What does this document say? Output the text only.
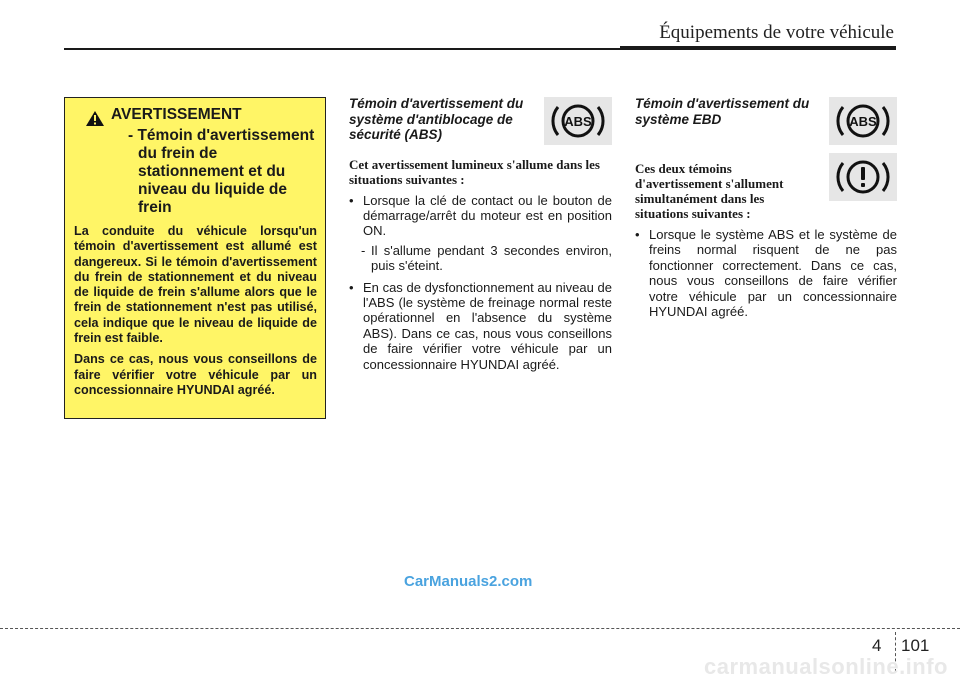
Équipements de votre véhicule
AVERTISSEMENT
- Témoin d'avertissement du frein de stationnement et du niveau du liquide de frein

La conduite du véhicule lorsqu'un témoin d'avertissement est allumé est dangereux. Si le témoin d'avertissement du frein de stationnement et du niveau de liquide de frein s'allume alors que le frein de stationnement n'est pas utilisé, cela indique que le niveau de liquide de frein est faible.

Dans ce cas, nous vous conseillons de faire vérifier votre véhicule par un concessionnaire HYUNDAI agréé.

Témoin d'avertissement du système d'antiblocage de sécurité (ABS)
Cet avertissement lumineux s'allume dans les situations suivantes :
• Lorsque la clé de contact ou le bouton de démarrage/arrêt du moteur est en position ON.
- Il s'allume pendant 3 secondes environ, puis s'éteint.
• En cas de dysfonctionnement au niveau de l'ABS (le système de freinage normal reste opérationnel en l'absence du système ABS). Dans ce cas, nous vous conseillons de faire vérifier votre véhicule par un concessionnaire HYUNDAI agréé.
Témoin d'avertissement du système EBD
Ces deux témoins d'avertissement s'allument simultanément dans les situations suivantes :
• Lorsque le système ABS et le système de freins normal risquent de ne pas fonctionner correctement. Dans ce cas, nous vous conseillons de faire vérifier votre véhicule par un concessionnaire HYUNDAI agréé.
ABS	ABS
CarManuals2.com
4 101
carmanualsonline.info
